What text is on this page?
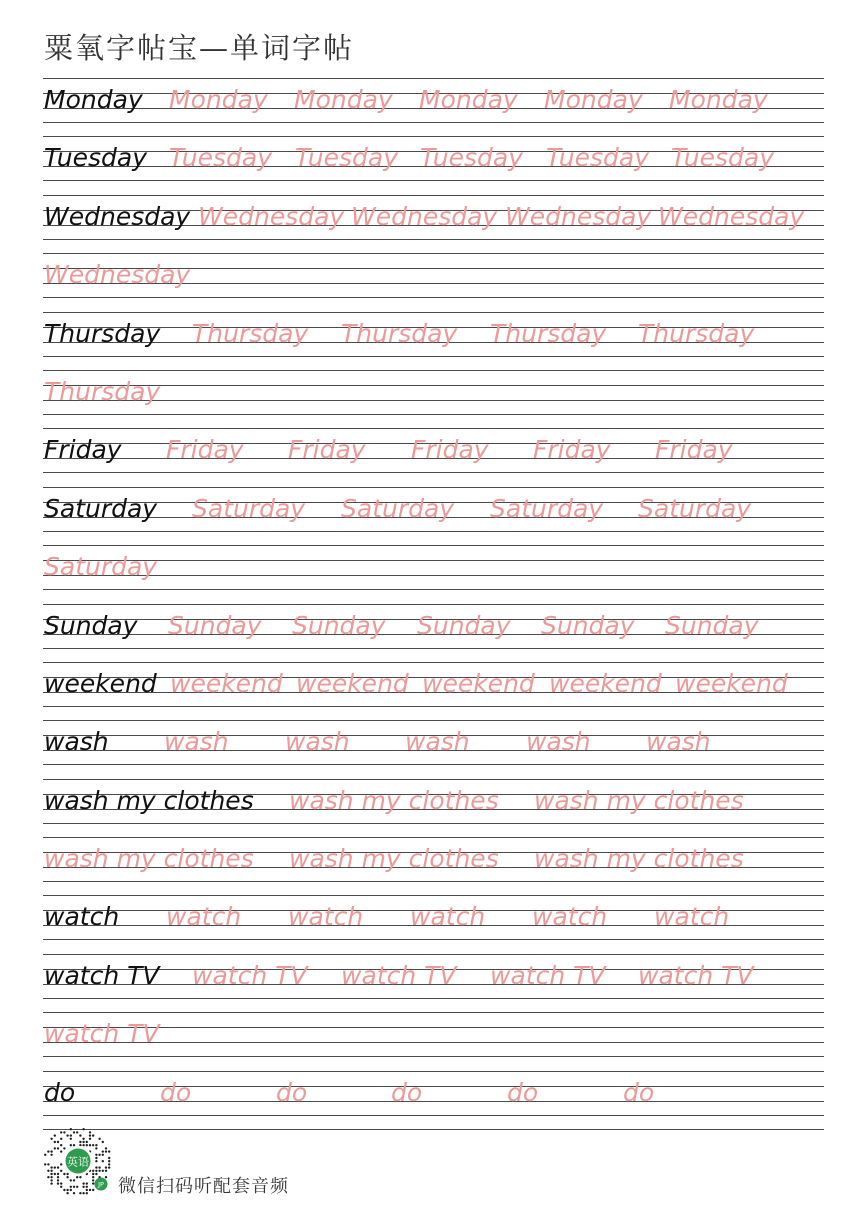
粟氧字帖宝—单词字帖
Monday Monday Monday Monday Monday Monday
Tuesday Tuesday Tuesday Tuesday Tuesday Tuesday
Wednesday Wednesday Wednesday Wednesday Wednesday
Wednesday
Thursday Thursday Thursday Thursday Thursday
Thursday
Friday Friday Friday Friday Friday Friday
Saturday Saturday Saturday Saturday Saturday
Saturday
Sunday Sunday Sunday Sunday Sunday Sunday
weekend weekend weekend weekend weekend weekend
wash wash wash wash wash wash
wash my clothes wash my clothes wash my clothes
wash my clothes wash my clothes wash my clothes
watch watch watch watch watch watch
watch TV watch TV watch TV watch TV watch TV
watch TV
do	do	do	do	do	do
英语
JP 微信扫码听配套音频
